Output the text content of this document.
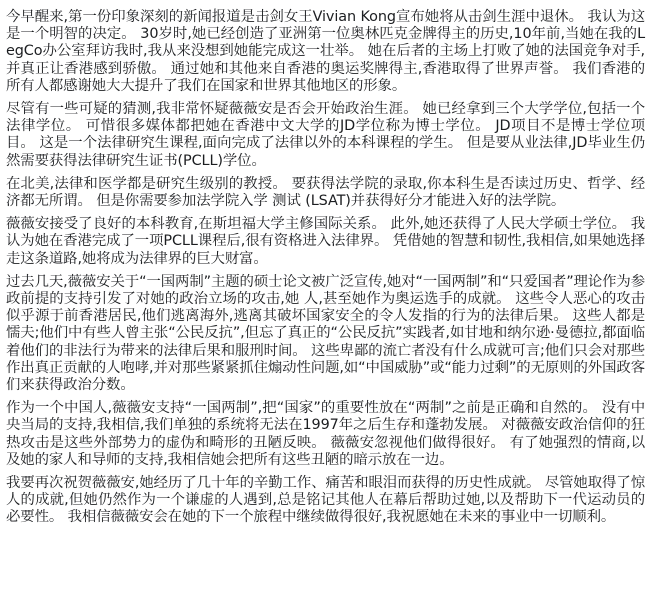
今早醒来,第一份印象深刻的新闻报道是击剑女王Vivian Kong宣布她将从击剑生涯中退休。 我认为这是一个明智的决定。 30岁时,她已经创造了亚洲第一位奥林匹克金牌得主的历史,10年前,当她在我的LegCo办公室拜访我时,我从来没想到她能完成这一壮举。 她在后者的主场上打败了她的法国竞争对手,并真正让香港感到骄傲。 通过她和其他来自香港的奥运奖牌得主,香港取得了世界声誉。 我们香港的所有人都感谢她大大提升了我们在国家和世界其他地区的形象。

尽管有一些可疑的猜测,我非常怀疑薇薇安是否会开始政治生涯。 她已经拿到三个大学学位,包括一个法律学位。 可惜很多媒体都把她在香港中文大学的JD学位称为博士学位。 JD项目不是博士学位项目。 这是一个法律研究生课程,面向完成了法律以外的本科课程的学生。 但是要从业法律,JD毕业生仍然需要获得法律研究生证书(PCLL)学位。

在北美,法律和医学都是研究生级别的教授。 要获得法学院的录取,你本科生是否读过历史、哲学、经济都无所谓。 但是你需要参加法学院入学 测试 (LSAT)并获得好分才能进入好的法学院。

薇薇安接受了良好的本科教育,在斯坦福大学主修国际关系。 此外,她还获得了人民大学硕士学位。 我认为她在香港完成了一项PCLL课程后,很有资格进入法律界。 凭借她的智慧和韧性,我相信,如果她选择走这条道路,她将成为法律界的巨大财富。

过去几天,薇薇安关于“一国两制”主题的硕士论文被广泛宣传,她对“一国两制”和“只爱国者”理论作为参政前提的支持引发了对她的政治立场的攻击,她 人,甚至她作为奥运选手的成就。 这些令人恶心的攻击似乎源于前香港居民,他们逃离海外,逃离其破坏国家安全的令人发指的行为的法律后果。 这些人都是懦夫;他们中有些人曾主张“公民反抗”,但忘了真正的“公民反抗”实践者,如甘地和纳尔逊·曼德拉,都面临着他们的非法行为带来的法律后果和服刑时间。 这些卑鄙的流亡者没有什么成就可言;他们只会对那些作出真正贡献的人咆哮,并对那些紧紧抓住煽动性问题,如“中国威胁”或“能力过剩”的无原则的外国政客们来获得政治分数。

作为一个中国人,薇薇安支持“一国两制”,把“国家”的重要性放在“两制”之前是正确和自然的。 没有中央当局的支持,我相信,我们单独的系统将无法在1997年之后生存和蓬勃发展。 对薇薇安政治信仰的狂热攻击是这些外部势力的虚伪和畸形的丑陋反映。 薇薇安忽视他们做得很好。 有了她强烈的情商,以及她的家人和导师的支持,我相信她会把所有这些丑陋的暗示放在一边。

我要再次祝贺薇薇安,她经历了几十年的辛勤工作、痛苦和眼泪而获得的历史性成就。 尽管她取得了惊人的成就,但她仍然作为一个谦虚的人遇到,总是铭记其他人在幕后帮助过她,以及帮助下一代运动员的必要性。 我相信薇薇安会在她的下一个旅程中继续做得很好,我祝愿她在未来的事业中一切顺利。
